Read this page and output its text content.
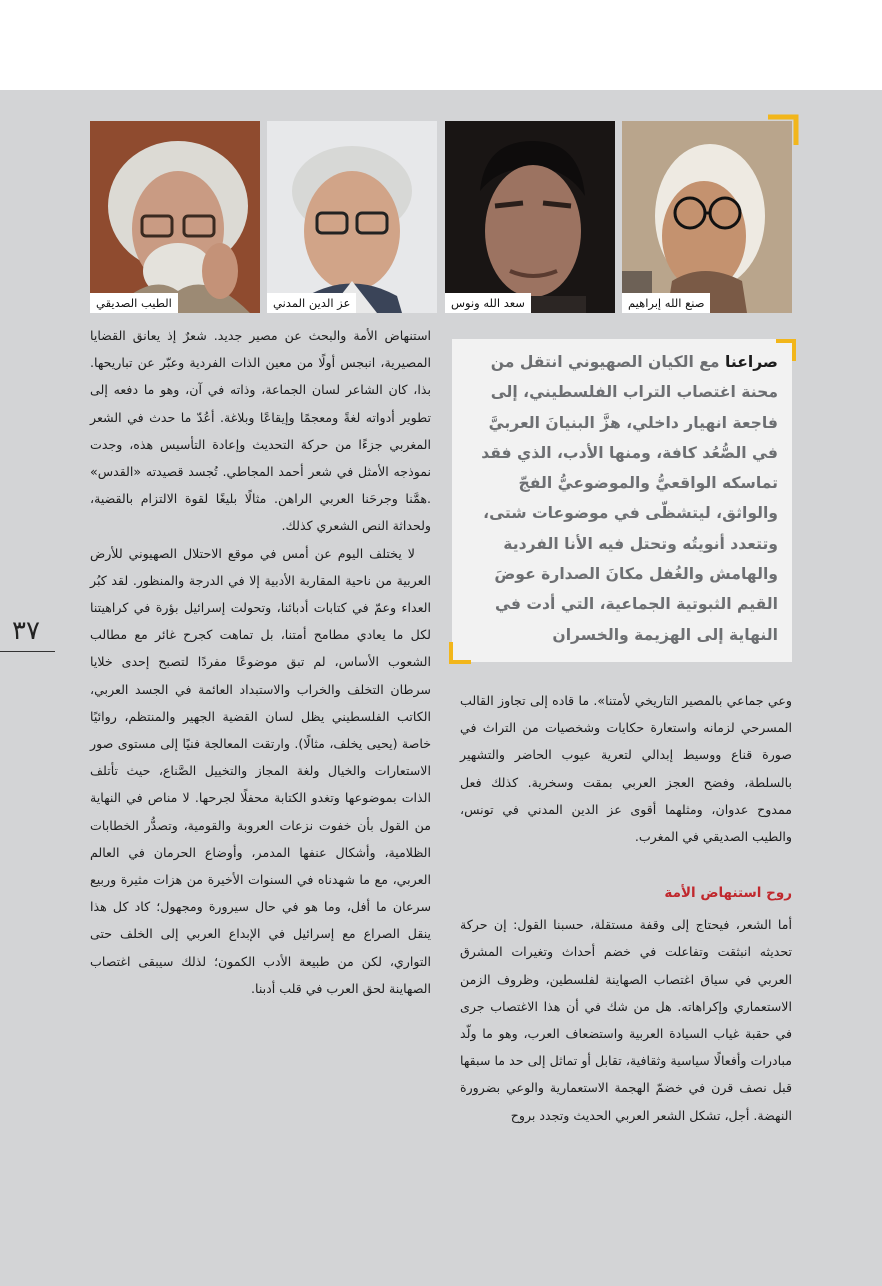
صنع الله إبراهيم
سعد الله ونوس
عز الدين المدني
الطيب الصديقي
صراعنا مع الكيان الصهيوني انتقل من محنة اغتصاب التراب الفلسطيني، إلى فاجعة انهيار داخلي، هزَّ البنيانَ العربيَّ في الصُّعُد كافة، ومنها الأدب، الذي فقد تماسكه الواقعيُّ والموضوعيُّ الفجّ والواثق، ليتشظّى في موضوعات شتى، وتتعدد أنويتُه وتحتل فيه الأنا الفردية والهامش والغُفل مكانَ الصدارة عوضَ القيم الثبوتية الجماعية، التي أدت في النهاية إلى الهزيمة والخسران
٣٧

استنهاض الأمة والبحث عن مصير جديد. شعرٌ إذ يعانق القضايا المصيرية، انبجس أولًا من معين الذات الفردية وعبّر عن تباريحها. بذا، كان الشاعر لسان الجماعة، وذاته في آن، وهو ما دفعه إلى تطوير أدواته لغةً ومعجمًا وإيقاعًا وبلاغة. أعُدّ ما حدث في الشعر المغربي جزءًا من حركة التحديث وإعادة التأسيس هذه، وجدت نموذجه الأمثل في شعر أحمد المجاطي. تُجسد قصيدته «القدس» .همَّنا وجرحَنا العربي الراهن. مثالًا بليغًا لقوة الالتزام بالقضية، ولحداثة النص الشعري كذلك.

لا يختلف اليوم عن أمس في موقع الاحتلال الصهيوني للأرض العربية من ناحية المقاربة الأدبية إلا في الدرجة والمنظور. لقد كبُر العداء وعمّ في كتابات أدبائنا، وتحولت إسرائيل بؤرة في كراهيتنا لكل ما يعادي مطامح أمتنا، بل تماهت كجرح غائر مع مطالب الشعوب الأساس، لم تبق موضوعًا مفردًا لتصبح إحدى خلايا سرطان التخلف والخراب والاستبداد العائمة في الجسد العربي، الكاتب الفلسطيني يظل لسان القضية الجهير والمنتظم، روائيًا خاصة (يحيى يخلف، مثالًا). وارتقت المعالجة فنيًا إلى مستوى صور الاستعارات والخيال ولغة المجاز والتخييل الصَّناع، حيث تأتلف الذات بموضوعها وتغدو الكتابة محفلًا لجرحها. لا مناص في النهاية من القول بأن خفوت نزعات العروبة والقومية، وتصدُّر الخطابات الظلامية، وأشكال عنفها المدمر، وأوضاع الحرمان في العالم العربي، مع ما شهدناه في السنوات الأخيرة من هزات مثيرة وربيع سرعان ما أفل، وما هو في حال سيرورة ومجهول؛ كاد كل هذا ينقل الصراع مع إسرائيل في الإبداع العربي إلى الخلف حتى التواري، لكن من طبيعة الأدب الكمون؛ لذلك سيبقى اغتصاب الصهاينة لحق العرب في قلب أدبنا.

وعي جماعي بالمصير التاريخي لأمتنا». ما قاده إلى تجاوز القالب المسرحي لزمانه واستعارة حكايات وشخصيات من التراث في صورة قناع ووسيط إبدالي لتعرية عيوب الحاضر والتشهير بالسلطة، وفضح العجز العربي بمقت وسخرية. كذلك فعل ممدوح عدوان، ومثلهما أقوى عز الدين المدني في تونس، والطيب الصديقي في المغرب.

روح استنهاض الأمة

أما الشعر، فيحتاج إلى وقفة مستقلة، حسبنا القول: إن حركة تحديثه انبثقت وتفاعلت في خضم أحداث وتغيرات المشرق العربي في سياق اغتصاب الصهاينة لفلسطين، وظروف الزمن الاستعماري وإكراهاته. هل من شك في أن هذا الاغتصاب جرى في حقبة غياب السيادة العربية واستضعاف العرب، وهو ما ولّد مبادرات وأفعالًا سياسية وثقافية، تقابل أو تماثل إلى حد ما سبقها قبل نصف قرن في خضمّ الهجمة الاستعمارية والوعي بضرورة النهضة. أجل، تشكل الشعر العربي الحديث وتجدد بروح
